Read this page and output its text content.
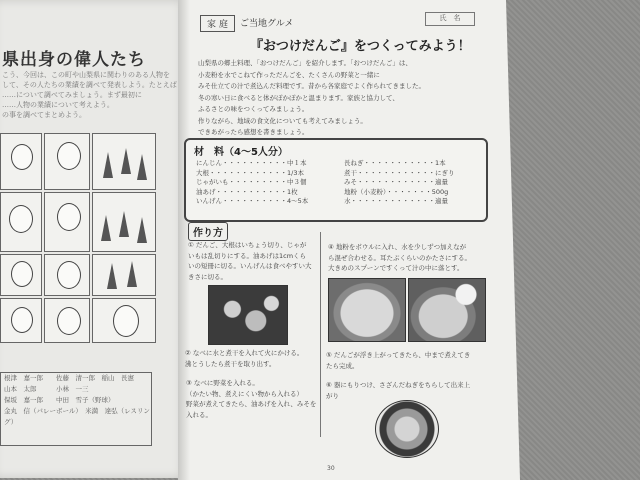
県出身の偉人たち
こう、今回は、この町や山梨県に関わりのある人物を
して、その人たちの業績を調べて発表しよう。たとえば
……について調べてみましょう。まず最初に
……人物の業績について考えよう。
の事を調べてまとめよう。
根津　嘉一郎　　佐藤　清一郎　稲山　長憲
山本　太郎　　　小林　一三
保坂　嘉一郎　　中田　雪子（野球）
金丸　信（バレーボール）　米満　達弘（レスリング）
家 庭	ご当地グルメ
氏　名
『おつけだんご』をつくってみよう！
山梨県の郷土料理、「おつけだんご」を紹介します。「おつけだんご」は、
小麦粉を水でこねて作っただんごを、たくさんの野菜と一緒に
みそ仕立ての汁で煮込んだ料理です。昔から各家庭でよく作られてきました。
冬の寒い日に食べると体がぽかぽかと温まります。家族と協力して、
ふるさとの味をつくってみましょう。
作りながら、地域の食文化についても考えてみましょう。
できあがったら感想を書きましょう。
材　料（4〜5人分）
にんじん・・・・・・・・・・中１本
大根・・・・・・・・・・・・1/3本
じゃがいも・・・・・・・・・中３個
油あげ・・・・・・・・・・・1枚
いんげん・・・・・・・・・・4〜5本
長ねぎ・・・・・・・・・・・1本
煮干・・・・・・・・・・・・にぎり
みそ・・・・・・・・・・・・適量
地粉（小麦粉）・・・・・・・500g
水・・・・・・・・・・・・・適量
作り方
① だんご、大根はいちょう切り、じゃが
いもは乱切りにする。油あげは1cmくら
いの短冊に切る。いんげんは食べやすい大
きさに切る。
② なべに水と煮干を入れて火にかける。
沸とうしたら煮干を取り出す。
③ なべに野菜を入れる。
（かたい物、煮えにくい物から入れる）
野菜が煮えてきたら、油あげを入れ、みそを
入れる。
④ 地粉をボウルに入れ、水を少しずつ加えなが
ら混ぜ合わせる。耳たぶくらいのかたさにする。
大きめのスプーンですくって汁の中に落とす。
⑤ だんごが浮き上がってきたら、中まで煮えてき
たら完成。
⑥ 器にもりつけ、さざんだねぎをちらして出来上
がり
30
